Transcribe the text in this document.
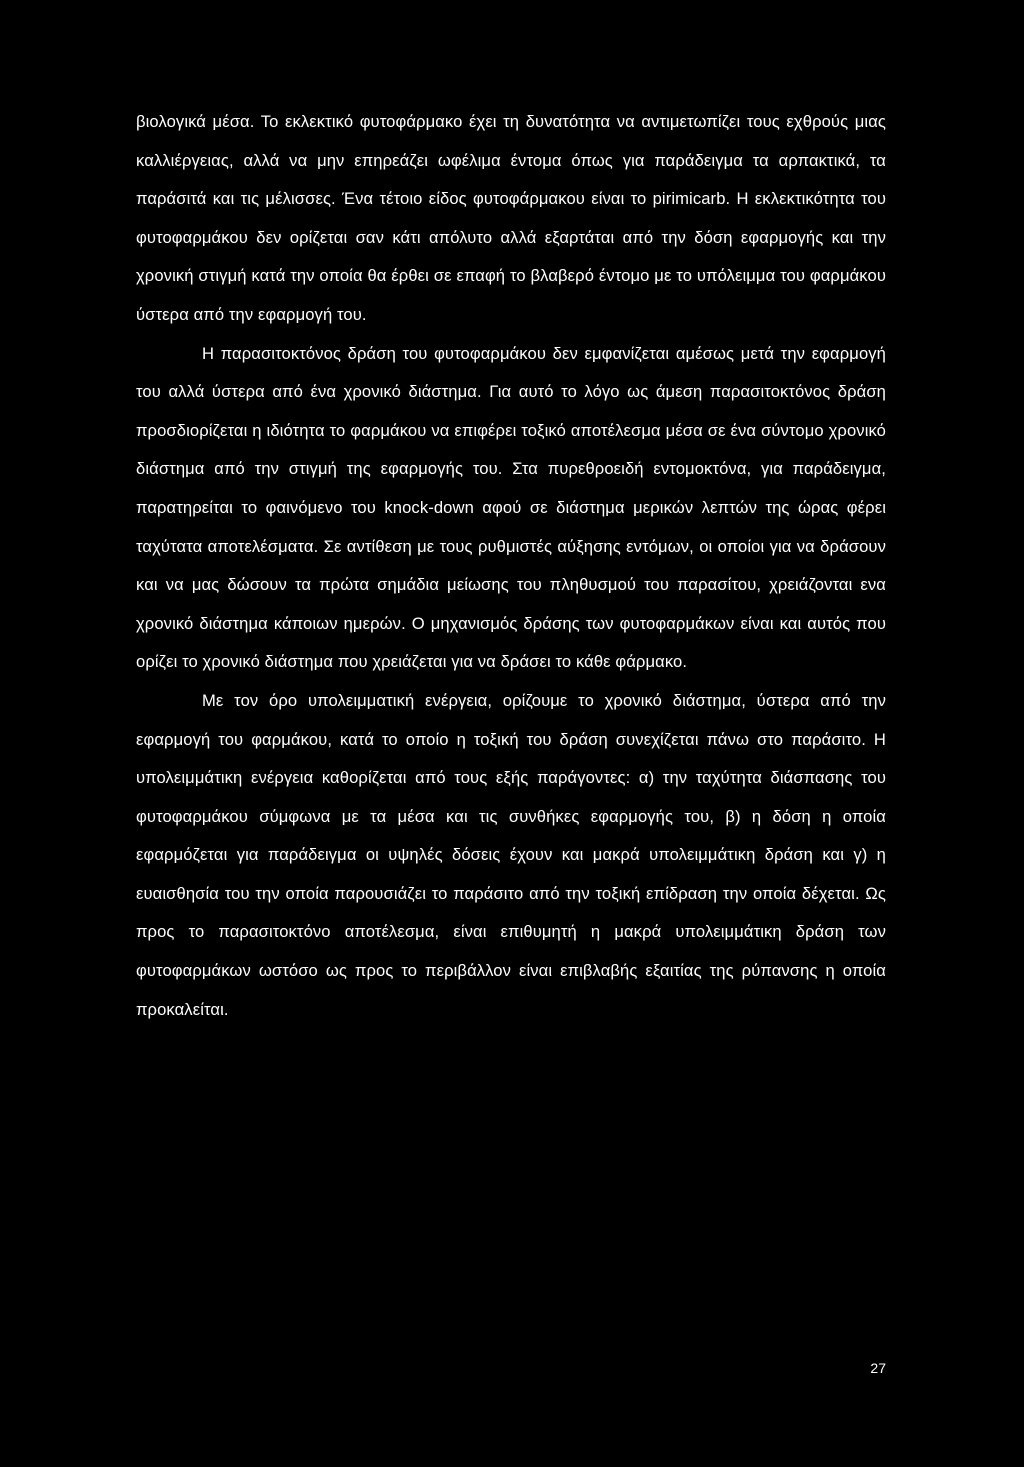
βιολογικά μέσα. Το εκλεκτικό φυτοφάρμακο έχει τη δυνατότητα να αντιμετωπίζει τους εχθρούς μιας καλλιέργειας, αλλά να μην επηρεάζει ωφέλιμα έντομα όπως για παράδειγμα τα αρπακτικά, τα παράσιτά και τις μέλισσες. Ένα τέτοιο είδος φυτοφάρμακου είναι το pirimicarb. Η εκλεκτικότητα του φυτοφαρμάκου δεν ορίζεται σαν κάτι απόλυτο αλλά εξαρτάται από την δόση εφαρμογής και την χρονική στιγμή κατά την οποία θα έρθει σε επαφή το βλαβερό έντομο με το υπόλειμμα του φαρμάκου ύστερα από την εφαρμογή του.

Η παρασιτοκτόνος δράση του φυτοφαρμάκου δεν εμφανίζεται αμέσως μετά την εφαρμογή του αλλά ύστερα από ένα χρονικό διάστημα. Για αυτό το λόγο ως άμεση παρασιτοκτόνος δράση προσδιορίζεται η ιδιότητα το φαρμάκου να επιφέρει τοξικό αποτέλεσμα μέσα σε ένα σύντομο χρονικό διάστημα από την στιγμή της εφαρμογής του. Στα πυρεθροειδή εντομοκτόνα, για παράδειγμα, παρατηρείται το φαινόμενο του knock-down αφού σε διάστημα μερικών λεπτών της ώρας φέρει ταχύτατα αποτελέσματα. Σε αντίθεση με τους ρυθμιστές αύξησης εντόμων, οι οποίοι για να δράσουν και να μας δώσουν τα πρώτα σημάδια μείωσης του πληθυσμού του παρασίτου, χρειάζονται ενα χρονικό διάστημα κάποιων ημερών. Ο μηχανισμός δράσης των φυτοφαρμάκων είναι και αυτός που ορίζει το χρονικό διάστημα που χρειάζεται για να δράσει το κάθε φάρμακο.

Με τον όρο υπολειμματική ενέργεια, ορίζουμε το χρονικό διάστημα, ύστερα από την εφαρμογή του φαρμάκου, κατά το οποίο η τοξική του δράση συνεχίζεται πάνω στο παράσιτο. Η υπολειμμάτικη ενέργεια καθορίζεται από τους εξής παράγοντες: α) την ταχύτητα διάσπασης του φυτοφαρμάκου σύμφωνα με τα μέσα και τις συνθήκες εφαρμογής του, β) η δόση η οποία εφαρμόζεται για παράδειγμα οι υψηλές δόσεις έχουν και μακρά υπολειμμάτικη δράση και γ) η ευαισθησία του την οποία παρουσιάζει το παράσιτο από την τοξική επίδραση την οποία δέχεται. Ως προς το παρασιτοκτόνο αποτέλεσμα, είναι επιθυμητή η μακρά υπολειμμάτικη δράση των φυτοφαρμάκων ωστόσο ως προς το περιβάλλον είναι επιβλαβής εξαιτίας της ρύπανσης η οποία προκαλείται.

27
